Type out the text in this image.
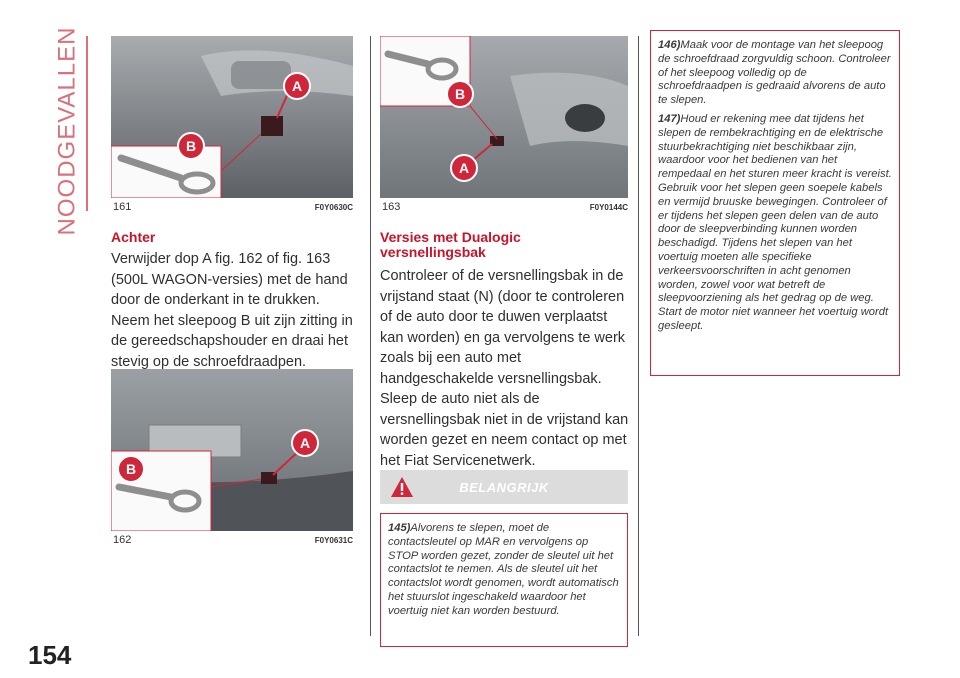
NOODGEVALLEN
154
A
B
161	F0Y0630C
Achter
Verwijder dop A fig. 162 of fig. 163 (500L WAGON-versies) met de hand door de onderkant in te drukken. Neem het sleepoog B uit zijn zitting in de gereedschapshouder en draai het stevig op de schroefdraadpen.
A
B
162	F0Y0631C
B
A
163	F0Y0144C
Versies met Dualogic
versnellingsbak
Controleer of de versnellingsbak in de vrijstand staat (N) (door te controleren of de auto door te duwen verplaatst kan worden) en ga vervolgens te werk zoals bij een auto met handgeschakelde versnellingsbak. Sleep de auto niet als de versnellingsbak niet in de vrijstand kan worden gezet en neem contact op met het Fiat Servicenetwerk.
BELANGRIJK

145)Alvorens te slepen, moet de contactsleutel op MAR en vervolgens op STOP worden gezet, zonder de sleutel uit het contactslot te nemen. Als de sleutel uit het contactslot wordt genomen, wordt automatisch het stuurslot ingeschakeld waardoor het voertuig niet kan worden bestuurd.

146)Maak voor de montage van het sleepoog de schroefdraad zorgvuldig schoon. Controleer of het sleepoog volledig op de schroefdraadpen is gedraaid alvorens de auto te slepen.

147)Houd er rekening mee dat tijdens het slepen de rembekrachtiging en de elektrische stuurbekrachtiging niet beschikbaar zijn, waardoor voor het bedienen van het rempedaal en het sturen meer kracht is vereist. Gebruik voor het slepen geen soepele kabels en vermijd bruuske bewegingen. Controleer of er tijdens het slepen geen delen van de auto door de sleepverbinding kunnen worden beschadigd. Tijdens het slepen van het voertuig moeten alle specifieke verkeersvoorschriften in acht genomen worden, zowel voor wat betreft de sleepvoorziening als het gedrag op de weg. Start de motor niet wanneer het voertuig wordt gesleept.
